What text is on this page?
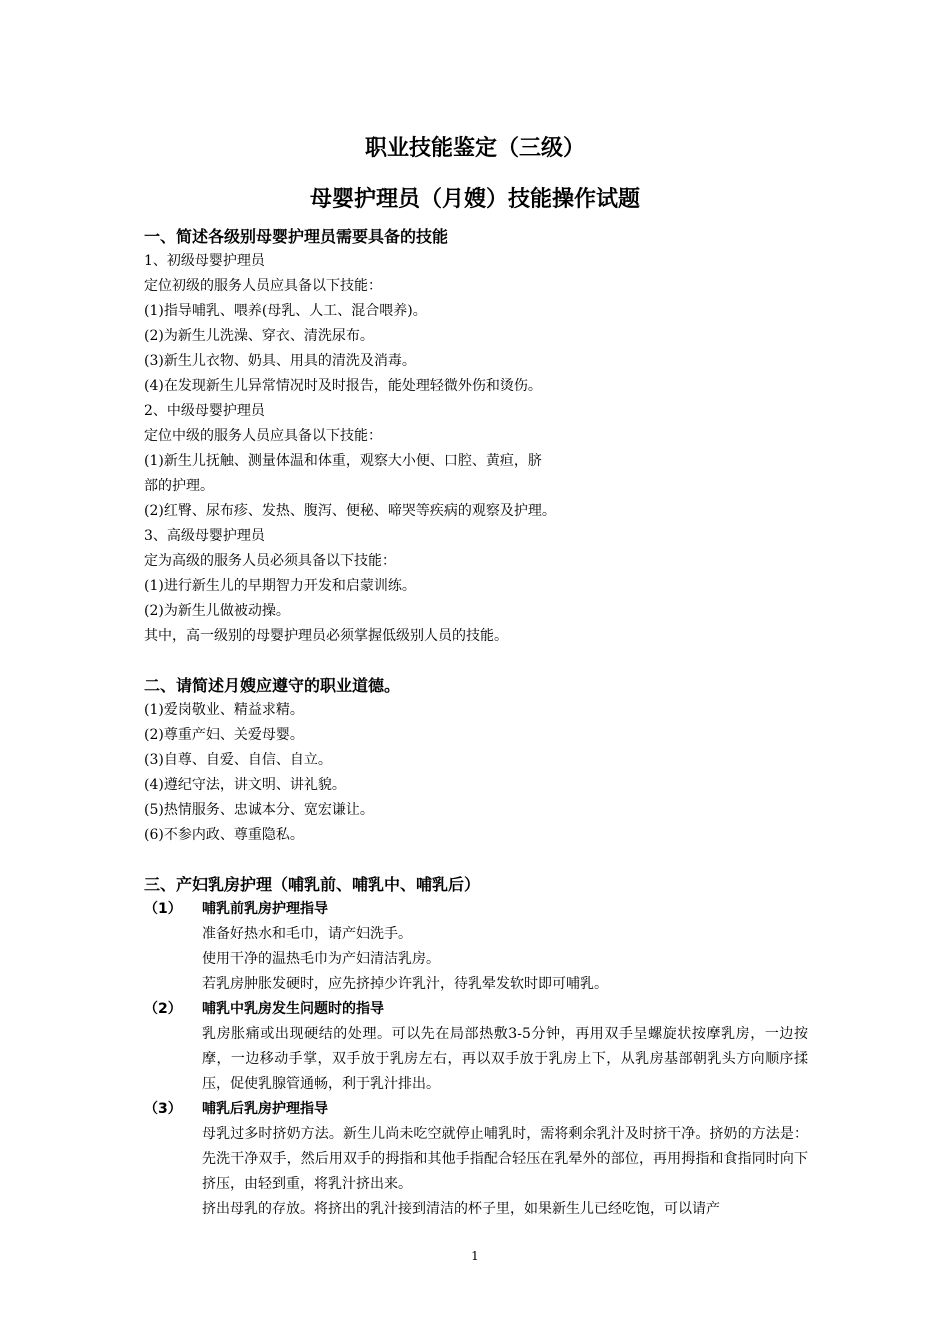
职业技能鉴定（三级）
母婴护理员（月嫂）技能操作试题
一、简述各级别母婴护理员需要具备的技能
1、初级母婴护理员
定位初级的服务人员应具备以下技能：
(1)指导哺乳、喂养(母乳、人工、混合喂养)。
(2)为新生儿洗澡、穿衣、清洗尿布。
(3)新生儿衣物、奶具、用具的清洗及消毒。
(4)在发现新生儿异常情况时及时报告，能处理轻微外伤和烫伤。
2、中级母婴护理员
定位中级的服务人员应具备以下技能：
(1)新生儿抚触、测量体温和体重，观察大小便、口腔、黄疸，脐
部的护理。
(2)红臀、尿布疹、发热、腹泻、便秘、啼哭等疾病的观察及护理。
3、高级母婴护理员
定为高级的服务人员必须具备以下技能：
(1)进行新生儿的早期智力开发和启蒙训练。
(2)为新生儿做被动操。
其中，高一级别的母婴护理员必须掌握低级别人员的技能。
二、请简述月嫂应遵守的职业道德。
(1)爱岗敬业、精益求精。
(2)尊重产妇、关爱母婴。
(3)自尊、自爱、自信、自立。
(4)遵纪守法，讲文明、讲礼貌。
(5)热情服务、忠诚本分、宽宏谦让。
(6)不参内政、尊重隐私。
三、产妇乳房护理（哺乳前、哺乳中、哺乳后）
（1）	哺乳前乳房护理指导
准备好热水和毛巾，请产妇洗手。
使用干净的温热毛巾为产妇清洁乳房。
若乳房肿胀发硬时，应先挤掉少许乳汁，待乳晕发软时即可哺乳。
（2）	哺乳中乳房发生问题时的指导
乳房胀痛或出现硬结的处理。可以先在局部热敷3-5分钟，再用双手呈螺旋状按摩乳房，一边按摩，一边移动手掌，双手放于乳房左右，再以双手放于乳房上下，从乳房基部朝乳头方向顺序揉压，促使乳腺管通畅，利于乳汁排出。
（3）	哺乳后乳房护理指导
母乳过多时挤奶方法。新生儿尚未吃空就停止哺乳时，需将剩余乳汁及时挤干净。挤奶的方法是：先洗干净双手，然后用双手的拇指和其他手指配合轻压在乳晕外的部位，再用拇指和食指同时向下挤压，由轻到重，将乳汁挤出来。
挤出母乳的存放。将挤出的乳汁接到清洁的杯子里，如果新生儿已经吃饱，可以请产
1
